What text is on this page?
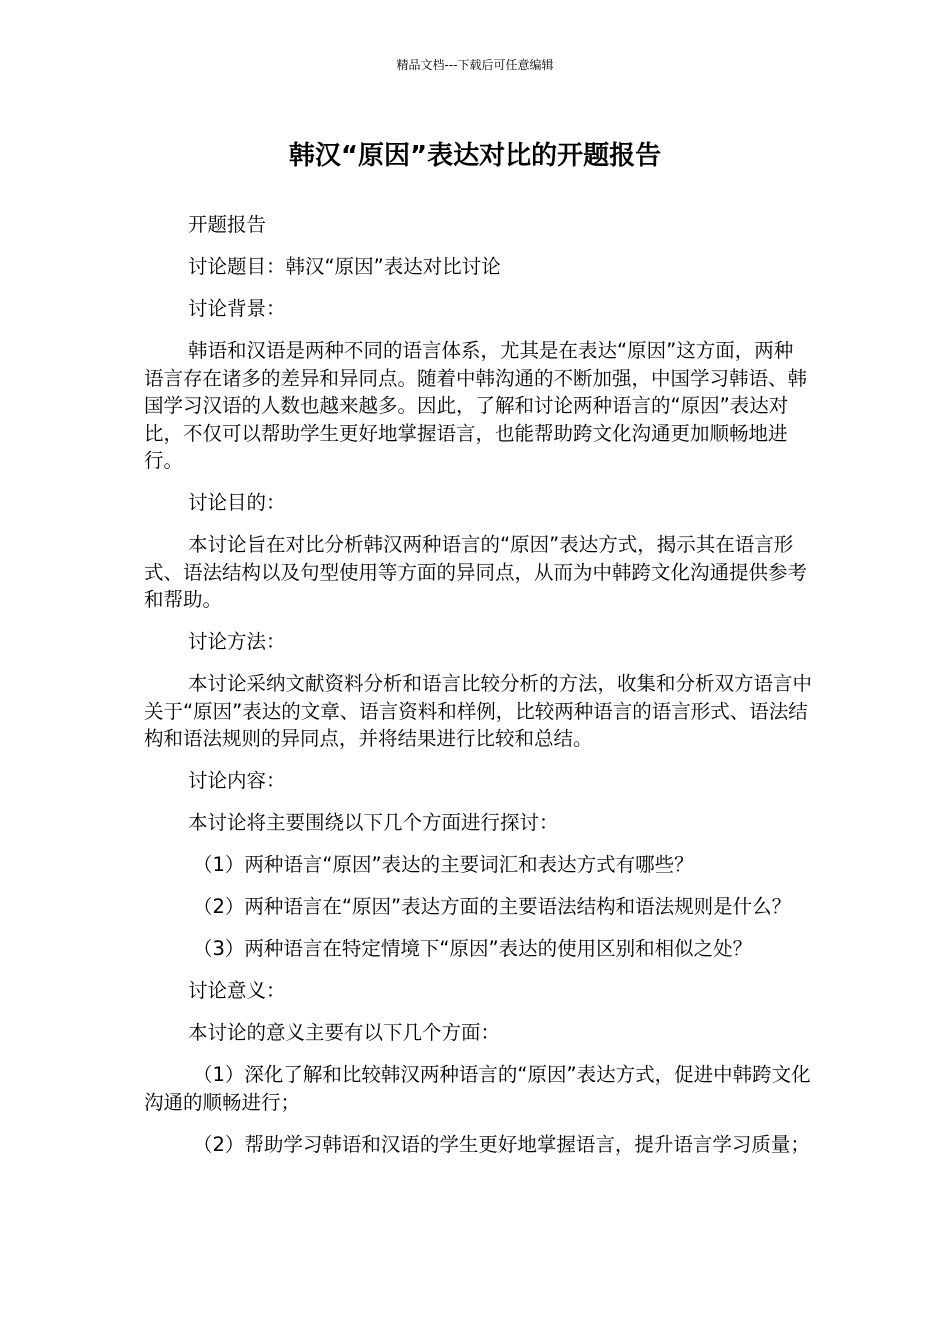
精品文档---下载后可任意编辑
韩汉“原因”表达对比的开题报告

开题报告

讨论题目：韩汉“原因”表达对比讨论

讨论背景：

韩语和汉语是两种不同的语言体系，尤其是在表达“原因”这方面，两种语言存在诸多的差异和异同点。随着中韩沟通的不断加强，中国学习韩语、韩国学习汉语的人数也越来越多。因此，了解和讨论两种语言的“原因”表达对比，不仅可以帮助学生更好地掌握语言，也能帮助跨文化沟通更加顺畅地进行。

讨论目的：

本讨论旨在对比分析韩汉两种语言的“原因”表达方式，揭示其在语言形式、语法结构以及句型使用等方面的异同点，从而为中韩跨文化沟通提供参考和帮助。

讨论方法：

本讨论采纳文献资料分析和语言比较分析的方法，收集和分析双方语言中关于“原因”表达的文章、语言资料和样例，比较两种语言的语言形式、语法结构和语法规则的异同点，并将结果进行比较和总结。

讨论内容：

本讨论将主要围绕以下几个方面进行探讨：

（1）两种语言“原因”表达的主要词汇和表达方式有哪些？

（2）两种语言在“原因”表达方面的主要语法结构和语法规则是什么？

（3）两种语言在特定情境下“原因”表达的使用区别和相似之处？

讨论意义：

本讨论的意义主要有以下几个方面：

（1）深化了解和比较韩汉两种语言的“原因”表达方式，促进中韩跨文化沟通的顺畅进行；

（2）帮助学习韩语和汉语的学生更好地掌握语言，提升语言学习质量；
